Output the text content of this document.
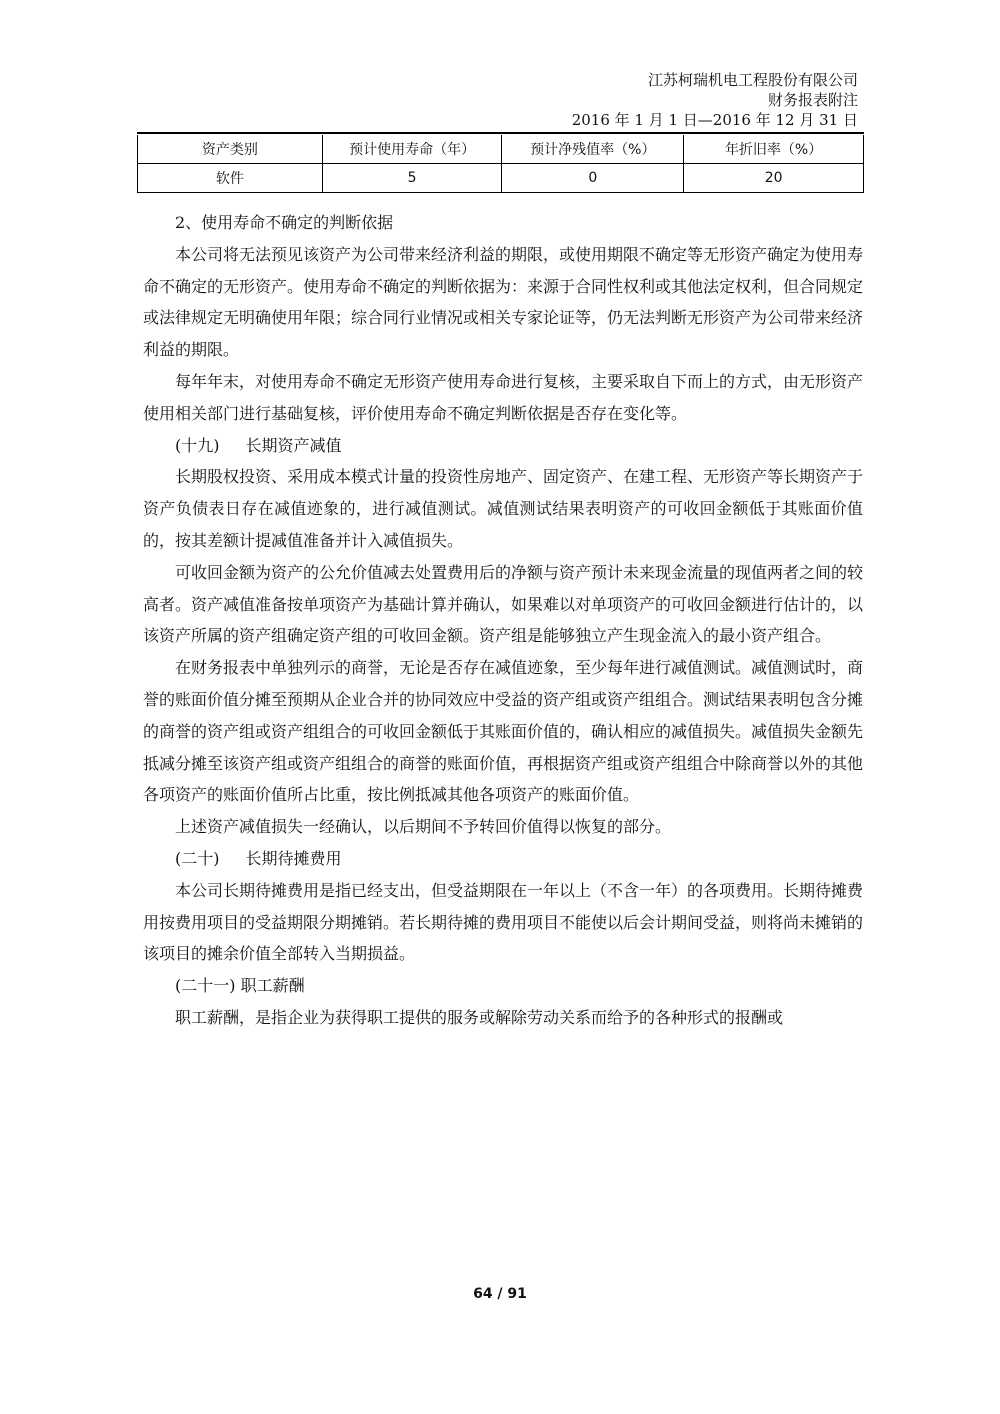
江苏柯瑞机电工程股份有限公司
财务报表附注
2016 年 1 月 1 日—2016 年 12 月 31 日
资产类别	预计使用寿命（年）	预计净残值率（%）	年折旧率（%）
软件	5	0	20

2、使用寿命不确定的判断依据

本公司将无法预见该资产为公司带来经济利益的期限，或使用期限不确定等无形资产确定为使用寿命不确定的无形资产。使用寿命不确定的判断依据为：来源于合同性权利或其他法定权利，但合同规定或法律规定无明确使用年限；综合同行业情况或相关专家论证等，仍无法判断无形资产为公司带来经济利益的期限。

每年年末，对使用寿命不确定无形资产使用寿命进行复核，主要采取自下而上的方式，由无形资产使用相关部门进行基础复核，评价使用寿命不确定判断依据是否存在变化等。

(十九) 长期资产减值

长期股权投资、采用成本模式计量的投资性房地产、固定资产、在建工程、无形资产等长期资产于资产负债表日存在减值迹象的，进行减值测试。减值测试结果表明资产的可收回金额低于其账面价值的，按其差额计提减值准备并计入减值损失。

可收回金额为资产的公允价值减去处置费用后的净额与资产预计未来现金流量的现值两者之间的较高者。资产减值准备按单项资产为基础计算并确认，如果难以对单项资产的可收回金额进行估计的，以该资产所属的资产组确定资产组的可收回金额。资产组是能够独立产生现金流入的最小资产组合。

在财务报表中单独列示的商誉，无论是否存在减值迹象，至少每年进行减值测试。减值测试时，商誉的账面价值分摊至预期从企业合并的协同效应中受益的资产组或资产组组合。测试结果表明包含分摊的商誉的资产组或资产组组合的可收回金额低于其账面价值的，确认相应的减值损失。减值损失金额先抵减分摊至该资产组或资产组组合的商誉的账面价值，再根据资产组或资产组组合中除商誉以外的其他各项资产的账面价值所占比重，按比例抵减其他各项资产的账面价值。

上述资产减值损失一经确认，以后期间不予转回价值得以恢复的部分。

(二十) 长期待摊费用

本公司长期待摊费用是指已经支出，但受益期限在一年以上（不含一年）的各项费用。长期待摊费用按费用项目的受益期限分期摊销。若长期待摊的费用项目不能使以后会计期间受益，则将尚未摊销的该项目的摊余价值全部转入当期损益。

(二十一) 职工薪酬

职工薪酬，是指企业为获得职工提供的服务或解除劳动关系而给予的各种形式的报酬或

64 / 91
